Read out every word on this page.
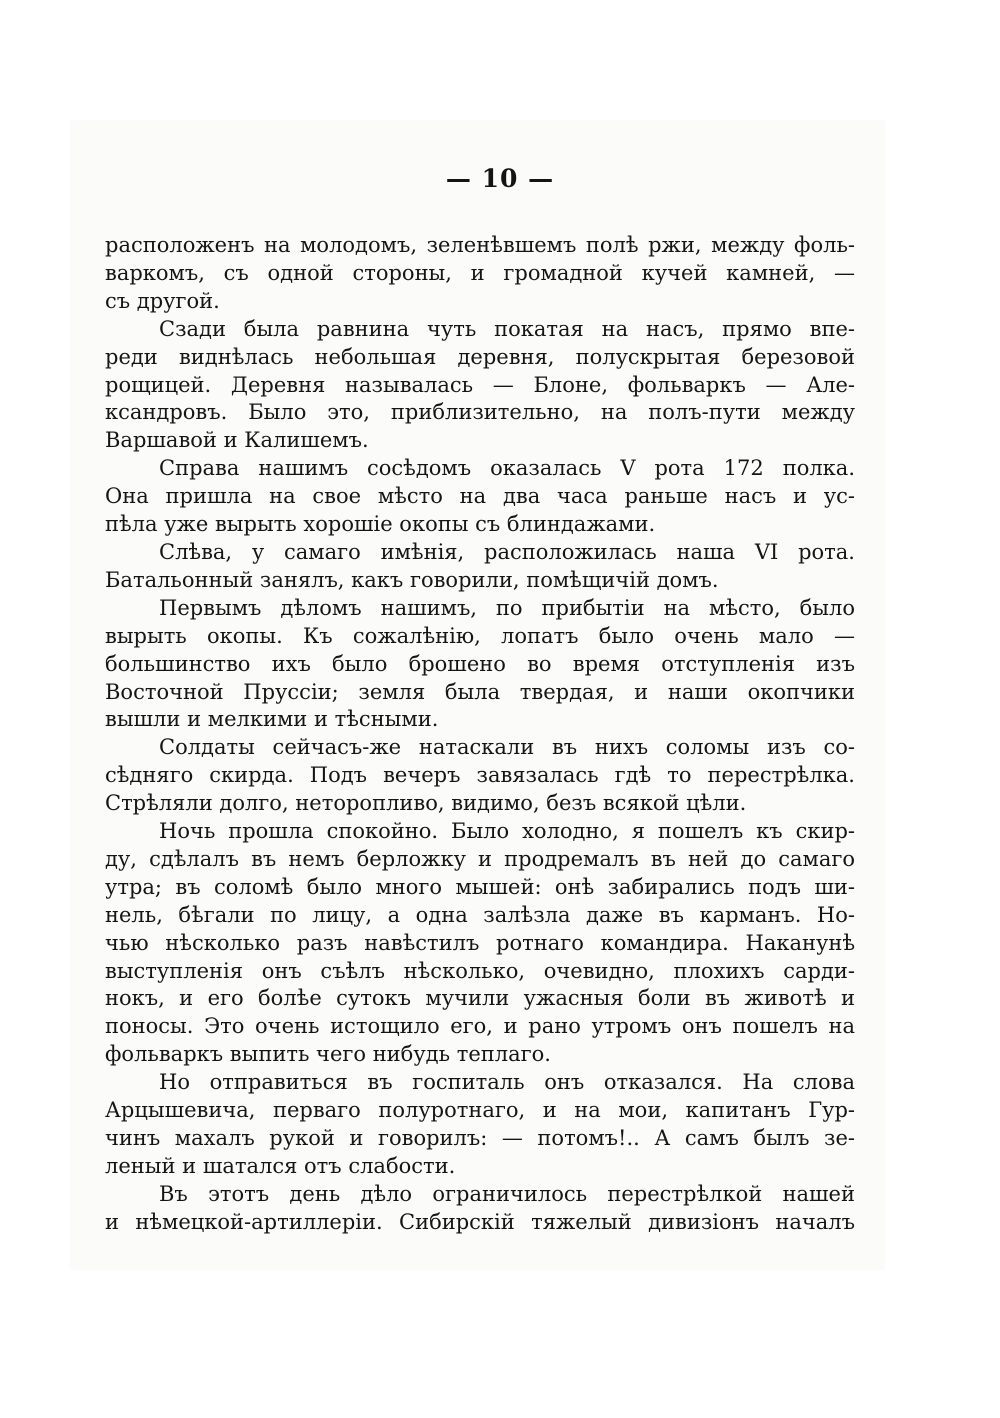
— 10 —
расположенъ на молодомъ, зеленѣвшемъ полѣ ржи, между фоль-
варкомъ, съ одной стороны, и громадной кучей камней, —
съ другой.
Сзади была равнина чуть покатая на насъ, прямо впе-
реди виднѣлась небольшая деревня, полускрытая березовой
рощицей. Деревня называлась — Блоне, фольваркъ — Але-
ксандровъ. Было это, приблизительно, на полъ-пути между
Варшавой и Калишемъ.
Справа нашимъ сосѣдомъ оказалась V рота 172 полка.
Она пришла на свое мѣсто на два часа раньше насъ и ус-
пѣла уже вырыть хорошіе окопы съ блиндажами.
Слѣва, у самаго имѣнія, расположилась наша VI рота.
Батальонный занялъ, какъ говорили, помѣщичій домъ.
Первымъ дѣломъ нашимъ, по прибытіи на мѣсто, было
вырыть окопы. Къ сожалѣнію, лопатъ было очень мало —
большинство ихъ было брошено во время отступленія изъ
Восточной Пруссіи; земля была твердая, и наши окопчики
вышли и мелкими и тѣсными.
Солдаты сейчасъ-же натаскали въ нихъ соломы изъ со-
сѣдняго скирда. Подъ вечеръ завязалась гдѣ то перестрѣлка.
Стрѣляли долго, неторопливо, видимо, безъ всякой цѣли.
Ночь прошла спокойно. Было холодно, я пошелъ къ скир-
ду, сдѣлалъ въ немъ берложку и продремалъ въ ней до самаго
утра; въ соломѣ было много мышей: онѣ забирались подъ ши-
нель, бѣгали по лицу, а одна залѣзла даже въ карманъ. Но-
чью нѣсколько разъ навѣстилъ ротнаго командира. Наканунѣ
выступленія онъ съѣлъ нѣсколько, очевидно, плохихъ сарди-
нокъ, и его болѣе сутокъ мучили ужасныя боли въ животѣ и
поносы. Это очень истощило его, и рано утромъ онъ пошелъ на
фольваркъ выпить чего нибудь теплаго.
Но отправиться въ госпиталь онъ отказался. На слова
Арцышевича, перваго полуротнаго, и на мои, капитанъ Гур-
чинъ махалъ рукой и говорилъ: — потомъ!.. А самъ былъ зе-
леный и шатался отъ слабости.
Въ этотъ день дѣло ограничилось перестрѣлкой нашей
и нѣмецкой-артиллеріи. Сибирскій тяжелый дивизіонъ началъ
